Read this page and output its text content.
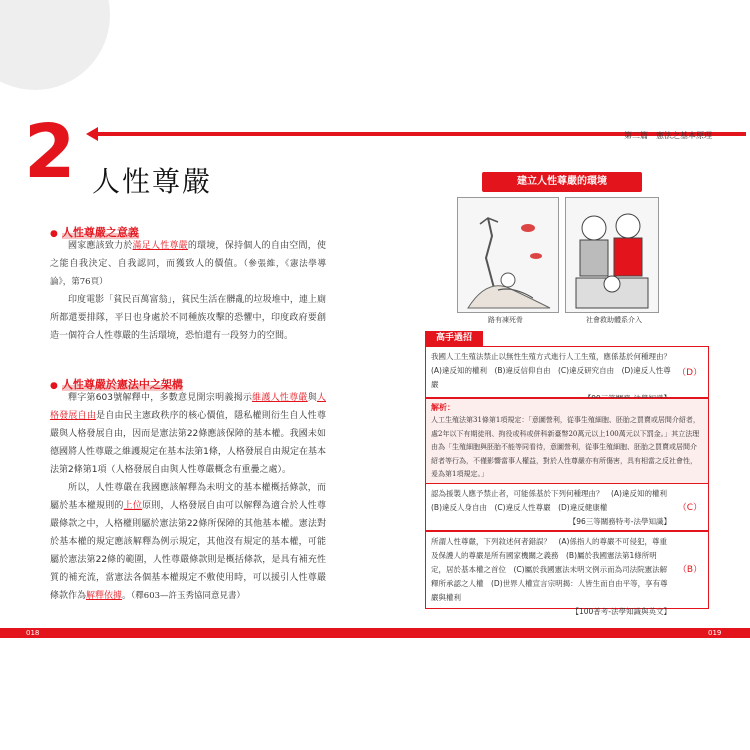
2	第二篇　憲法之基本原理
人性尊嚴
● 人性尊嚴之意義

國家應該致力於滿足人性尊嚴的環境，保持個人的自由空間，使之能自我決定、自我認同，而獲致人的價值。（參張維，《憲法學導論》，第76頁）

印度電影「貧民百萬富翁」，貧民生活在髒亂的垃圾堆中，連上廁所都還要排隊，平日也身處於不同種族攻擊的恐懼中，印度政府要創造一個符合人性尊嚴的生活環境，恐怕還有一段努力的空間。

● 人性尊嚴於憲法中之架構

釋字第603號解釋中，多數意見開宗明義揭示維護人性尊嚴與人格發展自由是自由民主憲政秩序的核心價值，隱私權則衍生自人性尊嚴與人格發展自由，因而是憲法第22條應該保障的基本權。我國未如德國將人性尊嚴之維護規定在基本法第1條，人格發展自由規定在基本法第2條第1項（人格發展自由與人性尊嚴概念有重疊之處）。

所以，人性尊嚴在我國應該解釋為未明文的基本權概括條款，而屬於基本權規則的上位原則，人格發展自由可以解釋為適合於人性尊嚴條款之中，人格權則屬於憲法第22條所保障的其他基本權。憲法對於基本權的規定應該解釋為例示規定，其他沒有規定的基本權，可能屬於憲法第22條的範圍，人性尊嚴條款則是概括條款，是具有補充性質的補充流，當憲法各個基本權規定不敷使用時，可以援引人性尊嚴條款作為解釋依據。（釋603—許玉秀協同意見書）

建立人性尊嚴的環境
路有凍死骨	社會救助體系介入
高手過招
我國人工生殖法禁止以無性生殖方式進行人工生殖，應係基於何種理由？　(A)違反知的權利　(B)違反信仰自由　(C)違反研究自由　(D)違反人性尊嚴
（D）
解析：
人工生殖法第31條第1項規定：「意圖營利，從事生殖細胞、胚胎之買賣或居間介紹者，處2年以下有期徒刑、拘役或科或併科新臺幣20萬元以上100萬元以下罰金。」其立法理由為「生殖細胞與胚胎不能等同看待，意圖營利，從事生殖細胞、胚胎之買賣或居間介紹者等行為，不僅影響當事人權益，對於人性尊嚴亦有所傷害，具有相當之反社會性，爰為第1項規定。」
認為援製人應予禁止者，可能係基於下列何種理由？　(A)違反知的權利　(B)違反人身自由　(C)違反人性尊嚴　(D)違反健康權
【96三等關務特考-法學知識】
（C）
所謂人性尊嚴，下列敘述何者錯誤？　(A)係指人的尊嚴不可侵犯，尊重及保護人的尊嚴是所有國家機關之義務　(B)屬於我國憲法第1條所明定，居於基本權之首位　(C)屬於我國憲法未明文例示而為司法院憲法解釋所承認之人權　(D)世界人權宣言宗明揭：人皆生而自由平等，享有尊嚴與權利
【100普考-法學知識與英文】
（B）
018	019
